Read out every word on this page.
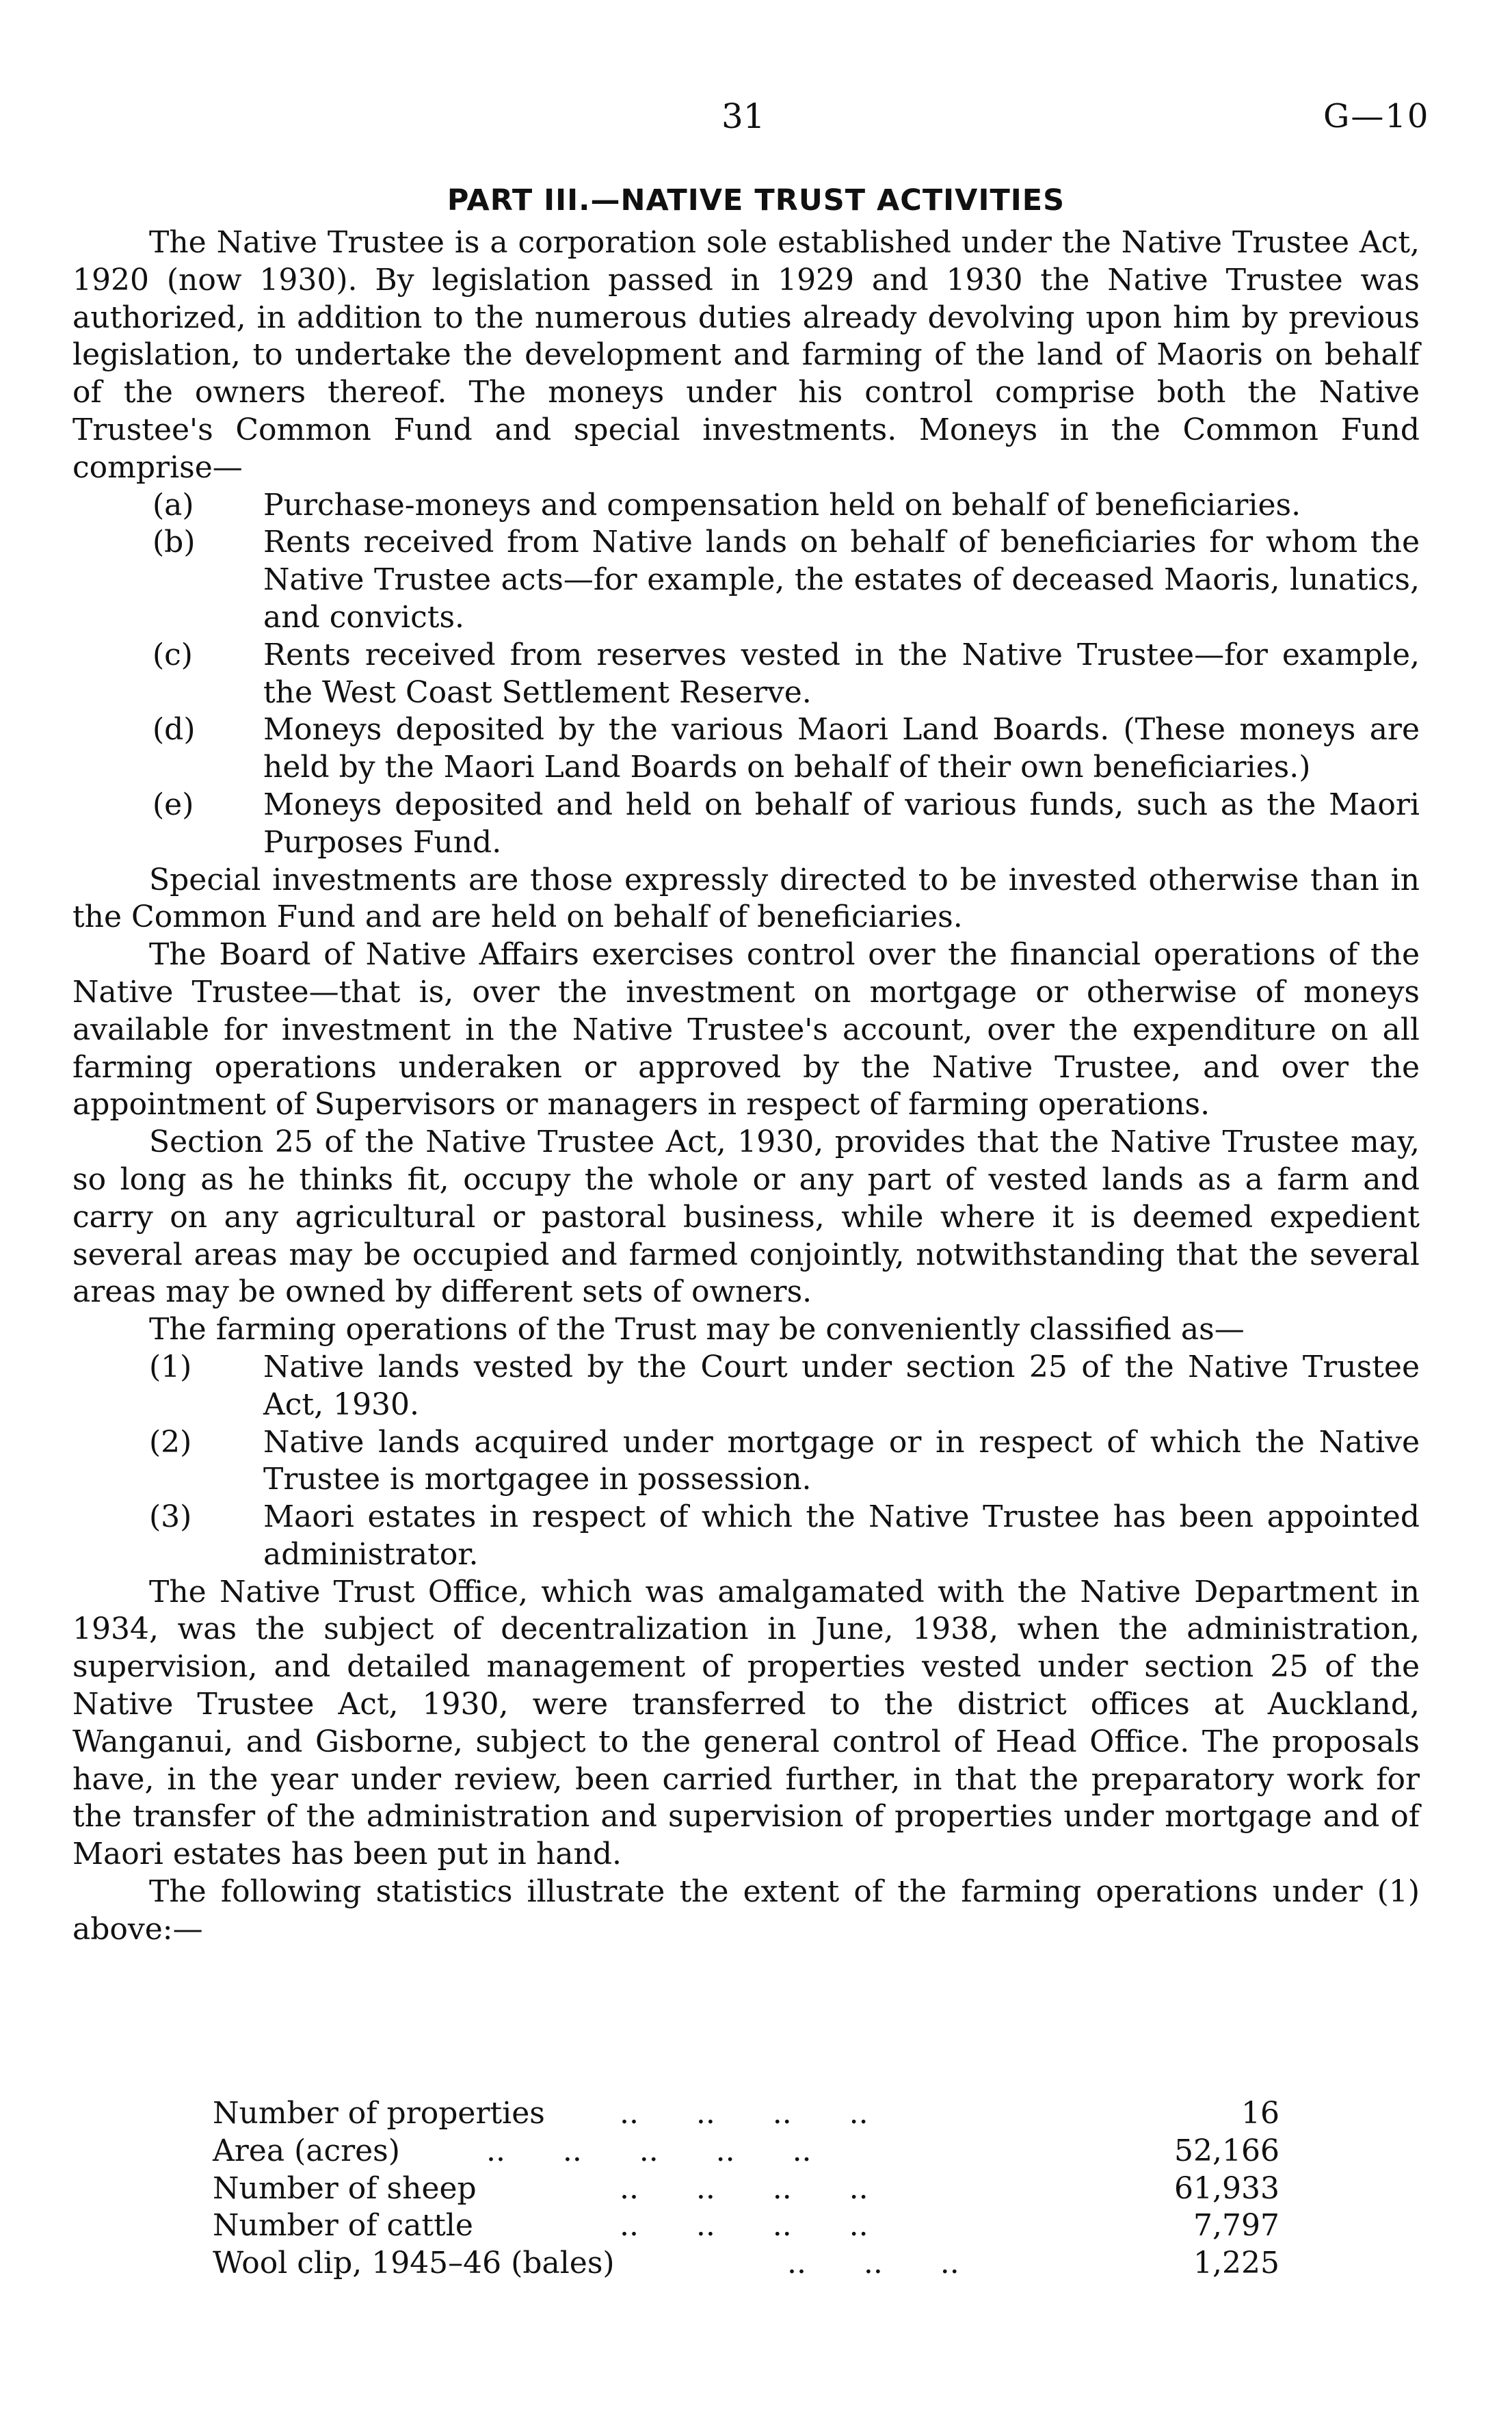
31	G—10
PART III.—NATIVE TRUST ACTIVITIES

The Native Trustee is a corporation sole established under the Native Trustee Act, 1920 (now 1930). By legislation passed in 1929 and 1930 the Native Trustee was authorized, in addition to the numerous duties already devolving upon him by previous legislation, to undertake the development and farming of the land of Maoris on behalf of the owners thereof. The moneys under his control comprise both the Native Trustee's Common Fund and special investments. Moneys in the Common Fund comprise—

(a) Purchase-moneys and compensation held on behalf of beneficiaries.

(b) Rents received from Native lands on behalf of beneficiaries for whom the Native Trustee acts—for example, the estates of deceased Maoris, lunatics, and convicts.

(c) Rents received from reserves vested in the Native Trustee—for example, the West Coast Settlement Reserve.

(d) Moneys deposited by the various Maori Land Boards. (These moneys are held by the Maori Land Boards on behalf of their own beneficiaries.)

(e) Moneys deposited and held on behalf of various funds, such as the Maori Purposes Fund.

Special investments are those expressly directed to be invested otherwise than in the Common Fund and are held on behalf of beneficiaries.

The Board of Native Affairs exercises control over the financial operations of the Native Trustee—that is, over the investment on mortgage or otherwise of moneys available for investment in the Native Trustee's account, over the expenditure on all farming operations underaken or approved by the Native Trustee, and over the appointment of Supervisors or managers in respect of farming operations.

Section 25 of the Native Trustee Act, 1930, provides that the Native Trustee may, so long as he thinks fit, occupy the whole or any part of vested lands as a farm and carry on any agricultural or pastoral business, while where it is deemed expedient several areas may be occupied and farmed conjointly, notwithstanding that the several areas may be owned by different sets of owners.

The farming operations of the Trust may be conveniently classified as—

(1) Native lands vested by the Court under section 25 of the Native Trustee Act, 1930.

(2) Native lands acquired under mortgage or in respect of which the Native Trustee is mortgagee in possession.

(3) Maori estates in respect of which the Native Trustee has been appointed administrator.

The Native Trust Office, which was amalgamated with the Native Department in 1934, was the subject of decentralization in June, 1938, when the administration, supervision, and detailed management of properties vested under section 25 of the Native Trustee Act, 1930, were transferred to the district offices at Auckland, Wanganui, and Gisborne, subject to the general control of Head Office. The proposals have, in the year under review, been carried further, in that the preparatory work for the transfer of the administration and supervision of properties under mortgage and of Maori estates has been put in hand.

The following statistics illustrate the extent of the farming operations under (1) above:—

Number of properties ..      ..      ..      ..	16
Area (acres)	..      ..      ..      ..      ..	52,166
Number of sheep	..      ..      ..      ..	61,933
Number of cattle	..      ..      ..      ..	7,797
Wool clip, 1945–46 (bales)	..      ..      ..	1,225
